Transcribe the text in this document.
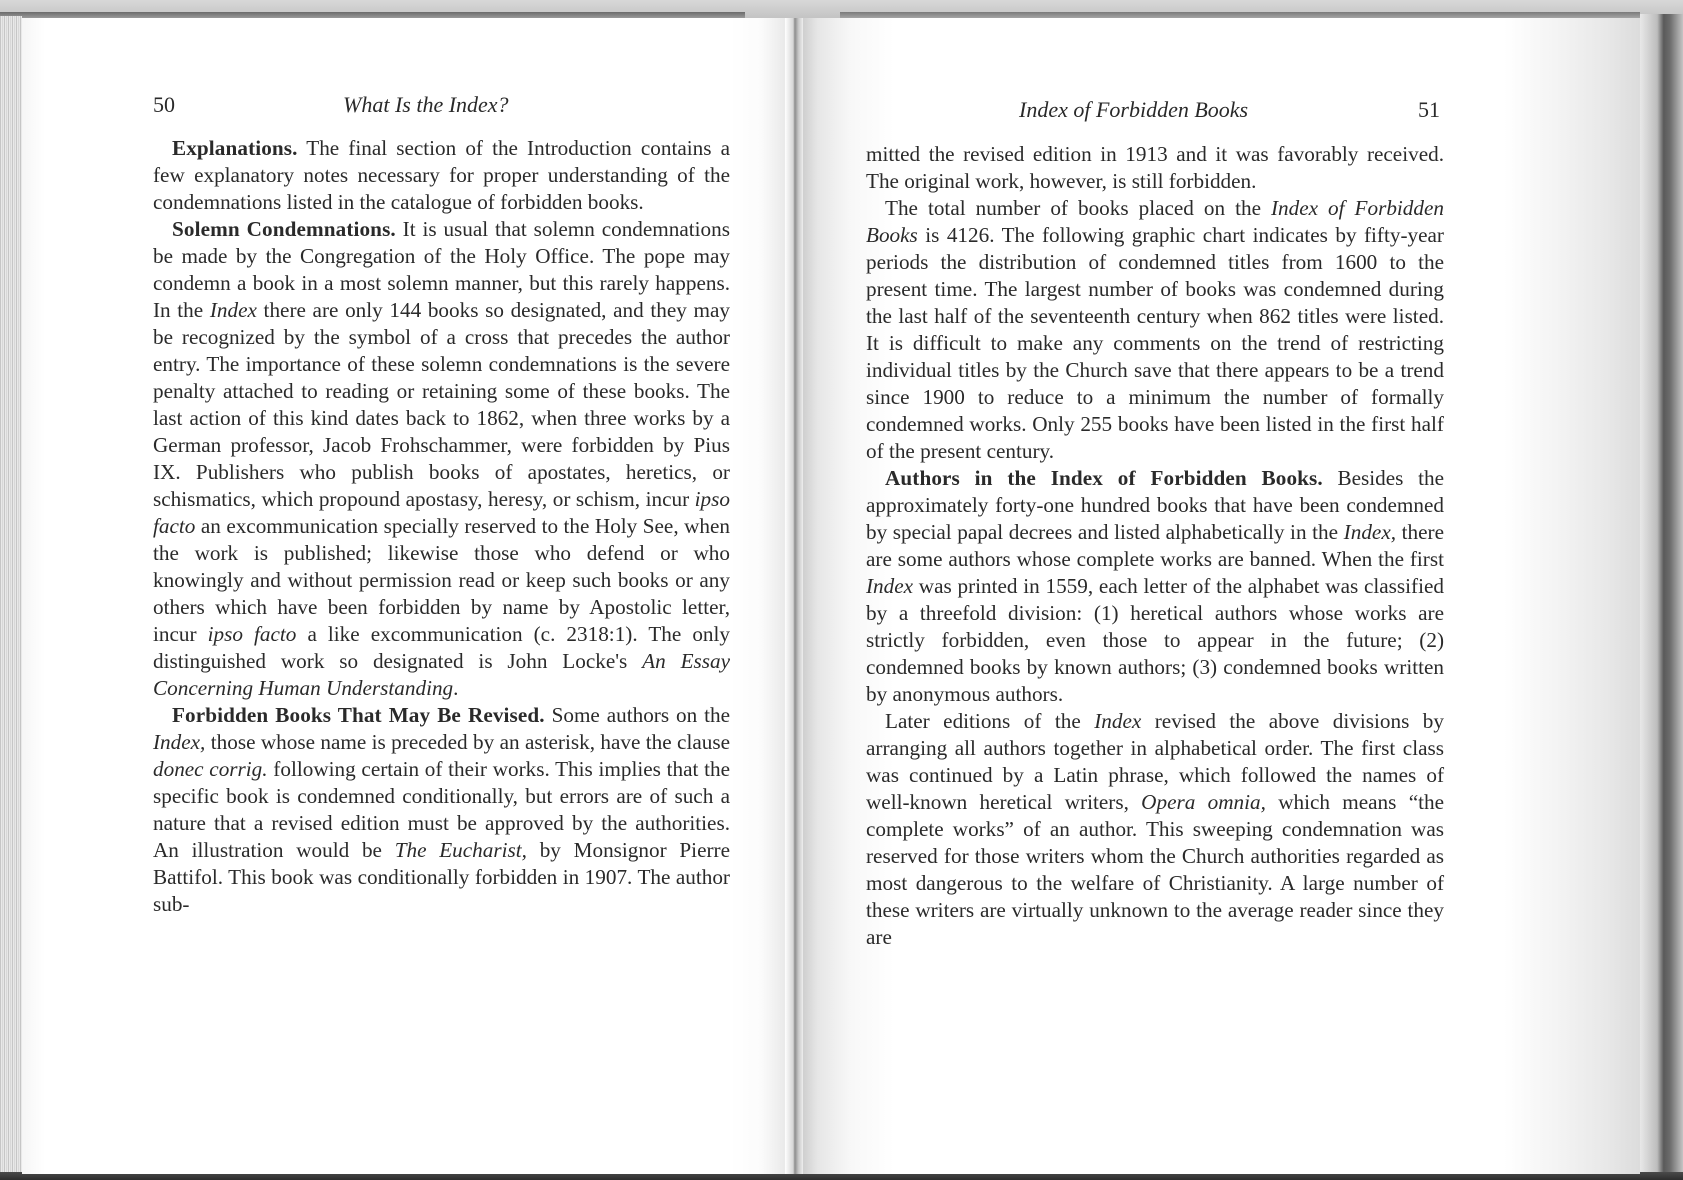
50	What Is the Index?	Index of Forbidden Books	51

Explanations. The final section of the Introduction contains a few explanatory notes necessary for proper understanding of the condemnations listed in the catalogue of forbidden books.

Solemn Condemnations. It is usual that solemn condemnations be made by the Congregation of the Holy Office. The pope may condemn a book in a most solemn manner, but this rarely happens. In the Index there are only 144 books so designated, and they may be recognized by the symbol of a cross that precedes the author entry. The importance of these solemn condemnations is the severe penalty attached to reading or retaining some of these books. The last action of this kind dates back to 1862, when three works by a German professor, Jacob Frohschammer, were forbidden by Pius IX. Publishers who publish books of apostates, heretics, or schismatics, which propound apostasy, heresy, or schism, incur ipso facto an excommunication specially reserved to the Holy See, when the work is published; likewise those who defend or who knowingly and without permission read or keep such books or any others which have been forbidden by name by Apostolic letter, incur ipso facto a like excommunication (c. 2318:1). The only distinguished work so designated is John Locke's An Essay Concerning Human Understanding.

Forbidden Books That May Be Revised. Some authors on the Index, those whose name is preceded by an asterisk, have the clause donec corrig. following certain of their works. This implies that the specific book is condemned conditionally, but errors are of such a nature that a revised edition must be approved by the authorities. An illustration would be The Eucharist, by Monsignor Pierre Battifol. This book was conditionally forbidden in 1907. The author sub-

mitted the revised edition in 1913 and it was favorably received. The original work, however, is still forbidden.

The total number of books placed on the Index of Forbidden Books is 4126. The following graphic chart indicates by fifty-year periods the distribution of condemned titles from 1600 to the present time. The largest number of books was condemned during the last half of the seventeenth century when 862 titles were listed. It is difficult to make any comments on the trend of restricting individual titles by the Church save that there appears to be a trend since 1900 to reduce to a minimum the number of formally condemned works. Only 255 books have been listed in the first half of the present century.

Authors in the Index of Forbidden Books. Besides the approximately forty-one hundred books that have been condemned by special papal decrees and listed alphabetically in the Index, there are some authors whose complete works are banned. When the first Index was printed in 1559, each letter of the alphabet was classified by a threefold division: (1) heretical authors whose works are strictly forbidden, even those to appear in the future; (2) condemned books by known authors; (3) condemned books written by anonymous authors.

Later editions of the Index revised the above divisions by arranging all authors together in alphabetical order. The first class was continued by a Latin phrase, which followed the names of well-known heretical writers, Opera omnia, which means “the complete works” of an author. This sweeping condemnation was reserved for those writers whom the Church authorities regarded as most dangerous to the welfare of Christianity. A large number of these writers are virtually unknown to the average reader since they are
